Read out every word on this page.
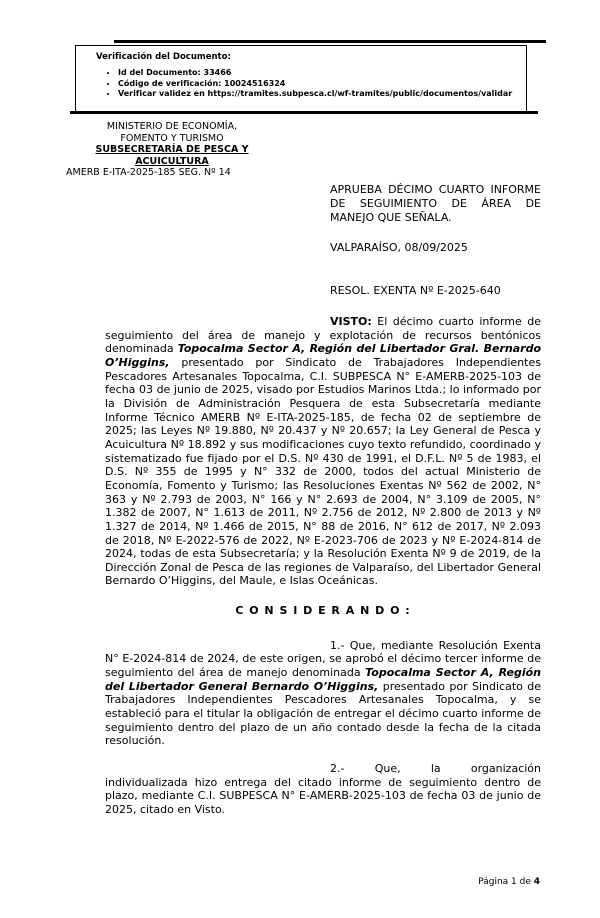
Verificación del Documento:
• Id del Documento: 33466
• Código de verificación: 10024516324
• Verificar validez en https://tramites.subpesca.cl/wf-tramites/public/documentos/validar
MINISTERIO DE ECONOMÍA,
FOMENTO Y TURISMO
SUBSECRETARÍA DE PESCA Y ACUICULTURA
AMERB E-ITA-2025-185 SEG. Nº 14
APRUEBA DÉCIMO CUARTO INFORME DE SEGUIMIENTO DE ÁREA DE MANEJO QUE SEÑALA.
VALPARAÍSO, 08/09/2025
RESOL. EXENTA Nº E-2025-640

VISTO: El décimo cuarto informe de seguimiento del área de manejo y explotación de recursos bentónicos denominada Topocalma Sector A, Región del Libertador Gral. Bernardo O’Higgins, presentado por Sindicato de Trabajadores Independientes Pescadores Artesanales Topocalma, C.I. SUBPESCA N° E-AMERB-2025-103 de fecha 03 de junio de 2025, visado por Estudios Marinos Ltda.; lo informado por la División de Administración Pesquera de esta Subsecretaría mediante Informe Técnico AMERB Nº E-ITA-2025-185, de fecha 02 de septiembre de 2025; las Leyes Nº 19.880, Nº 20.437 y Nº 20.657; la Ley General de Pesca y Acuicultura Nº 18.892 y sus modificaciones cuyo texto refundido, coordinado y sistematizado fue fijado por el D.S. Nº 430 de 1991, el D.F.L. Nº 5 de 1983, el D.S. Nº 355 de 1995 y N° 332 de 2000, todos del actual Ministerio de Economía, Fomento y Turismo; las Resoluciones Exentas Nº 562 de 2002, N° 363 y Nº 2.793 de 2003, N° 166 y N° 2.693 de 2004, N° 3.109 de 2005, N° 1.382 de 2007, N° 1.613 de 2011, Nº 2.756 de 2012, Nº 2.800 de 2013 y Nº 1.327 de 2014, Nº 1.466 de 2015, N° 88 de 2016, N° 612 de 2017, Nº 2.093 de 2018, Nº E-2022-576 de 2022, Nº E-2023-706 de 2023 y Nº E-2024-814 de 2024, todas de esta Subsecretaría; y la Resolución Exenta Nº 9 de 2019, de la Dirección Zonal de Pesca de las regiones de Valparaíso, del Libertador General Bernardo O’Higgins, del Maule, e Islas Oceánicas.

C O N S I D E R A N D O :

1.- Que, mediante Resolución Exenta N° E-2024-814 de 2024, de este origen, se aprobó el décimo tercer informe de seguimiento del área de manejo denominada Topocalma Sector A, Región del Libertador General Bernardo O’Higgins, presentado por Sindicato de Trabajadores Independientes Pescadores Artesanales Topocalma, y se estableció para el titular la obligación de entregar el décimo cuarto informe de seguimiento dentro del plazo de un año contado desde la fecha de la citada resolución.

2.- Que, la organización individualizada hizo entrega del citado informe de seguimiento dentro de plazo, mediante C.I. SUBPESCA N° E-AMERB-2025-103 de fecha 03 de junio de 2025, citado en Visto.

Página 1 de 4
